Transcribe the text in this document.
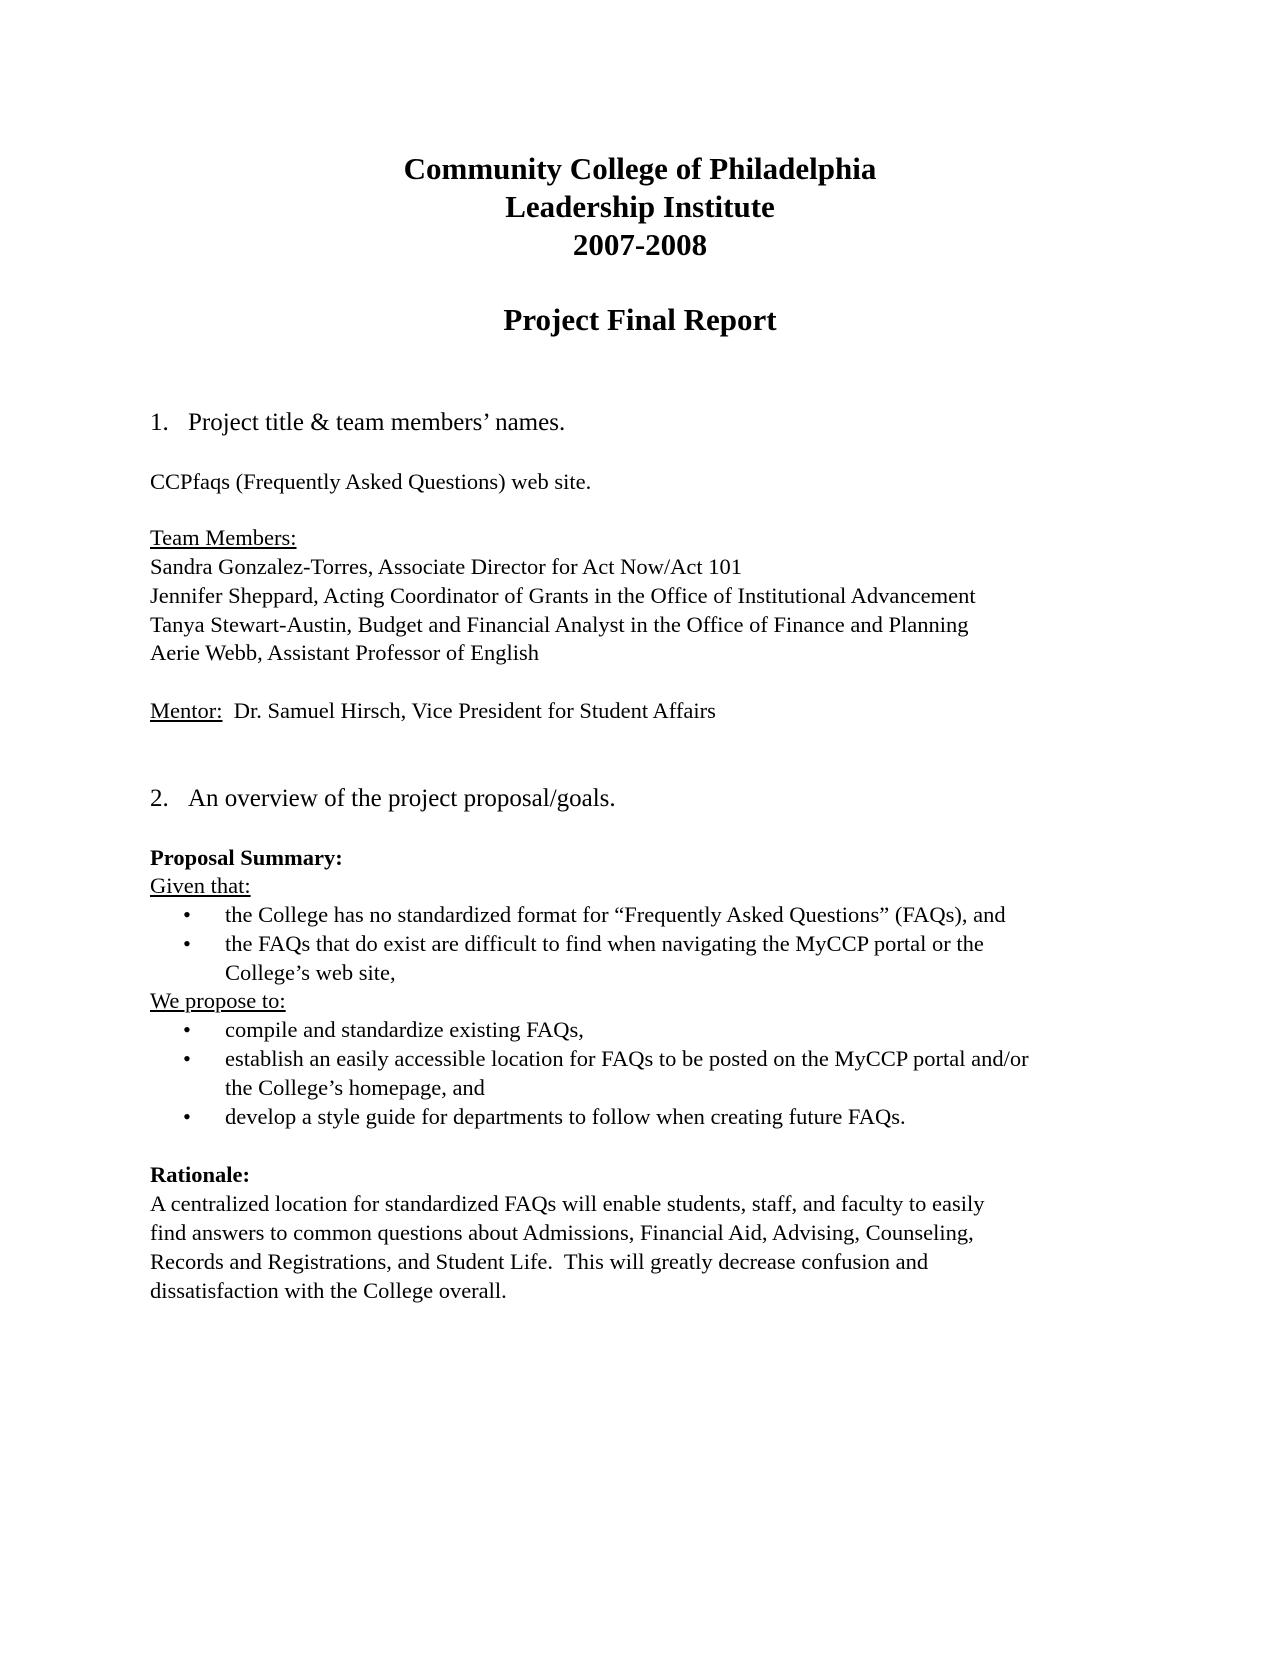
Community College of Philadelphia
Leadership Institute
2007-2008
Project Final Report
1. Project title & team members’ names.
CCPfaqs (Frequently Asked Questions) web site.
Team Members:
Sandra Gonzalez-Torres, Associate Director for Act Now/Act 101
Jennifer Sheppard, Acting Coordinator of Grants in the Office of Institutional Advancement
Tanya Stewart-Austin, Budget and Financial Analyst in the Office of Finance and Planning
Aerie Webb, Assistant Professor of English
Mentor:  Dr. Samuel Hirsch, Vice President for Student Affairs
2. An overview of the project proposal/goals.
Proposal Summary:
Given that:
• the College has no standardized format for “Frequently Asked Questions” (FAQs), and
• the FAQs that do exist are difficult to find when navigating the MyCCP portal or the
College’s web site,
We propose to:
• compile and standardize existing FAQs,
• establish an easily accessible location for FAQs to be posted on the MyCCP portal and/or
the College’s homepage, and
• develop a style guide for departments to follow when creating future FAQs.
Rationale:
A centralized location for standardized FAQs will enable students, staff, and faculty to easily
find answers to common questions about Admissions, Financial Aid, Advising, Counseling,
Records and Registrations, and Student Life.  This will greatly decrease confusion and
dissatisfaction with the College overall.
